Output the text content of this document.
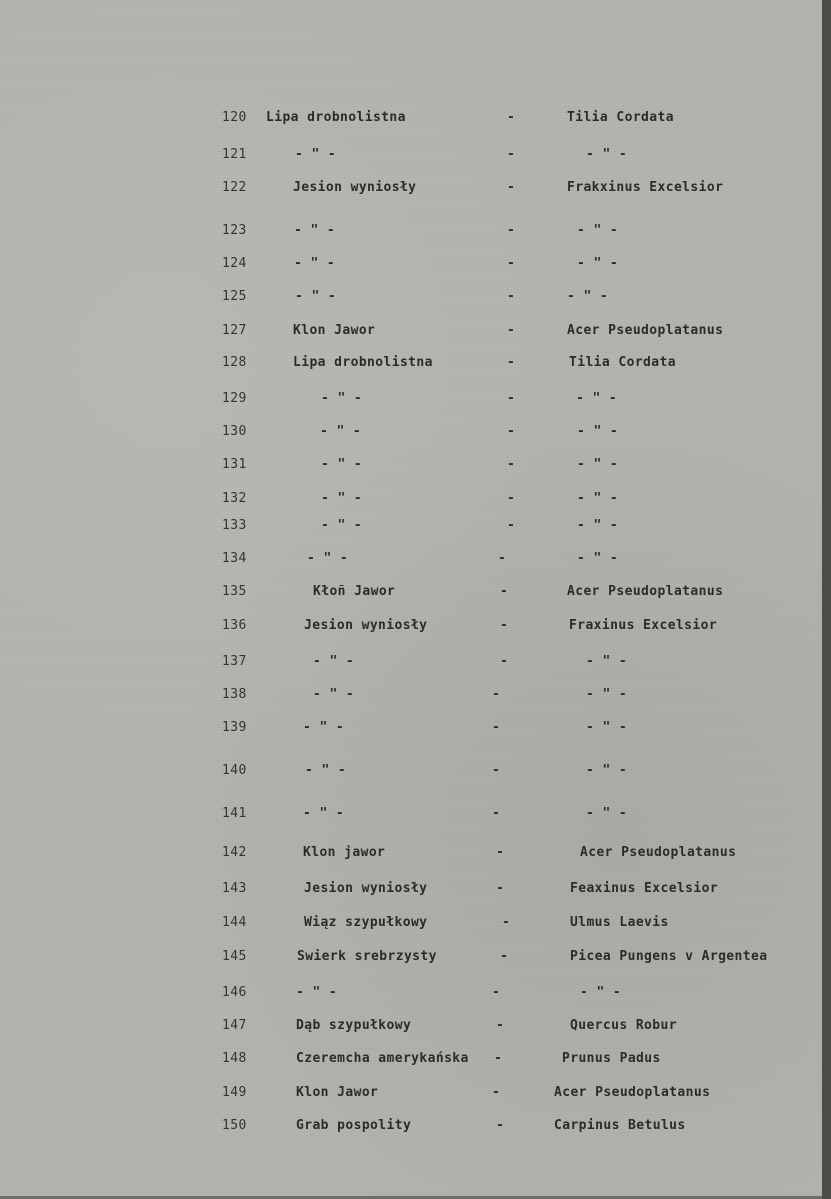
120 Lipa drobnolistna	-	Tilia Cordata
121	- " -	-	- " -
122	Jesion wyniosły	-	Frakxinus Excelsior
123	- " -	-	- " -
124	- " -	-	- " -
125	- " -	-	- " -
127	Klon Jawor	-	Acer Pseudoplatanus
128	Lipa drobnolistna	-	Tilia Cordata
129	- " -	-	- " -
130	- " -	-	- " -
131	- " -	-	- " -
132	- " -	-	- " -
133	- " -	-	- " -
134	- " -	-	- " -
135	Kłoñ Jawor	-	Acer Pseudoplatanus
136	Jesion wyniosły	-	Fraxinus Excelsior
137	- " -	-	- " -
138	- " -	-	- " -
139	- " -	-	- " -
140	- " -	-	- " -
141	- " -	-	- " -
142	Klon jawor	-	Acer Pseudoplatanus
143	Jesion wyniosły	-	Feaxinus Excelsior
144	Wiąz szypułkowy	-	Ulmus Laevis
145	Swierk srebrzysty	-	Picea Pungens v Argentea
146	- " -	-	- " -
147	Dąb szypułkowy	-	Quercus Robur
148	Czeremcha amerykańska -	Prunus Padus
149	Klon Jawor	-	Acer Pseudoplatanus
150	Grab pospolity	-	Carpinus Betulus
